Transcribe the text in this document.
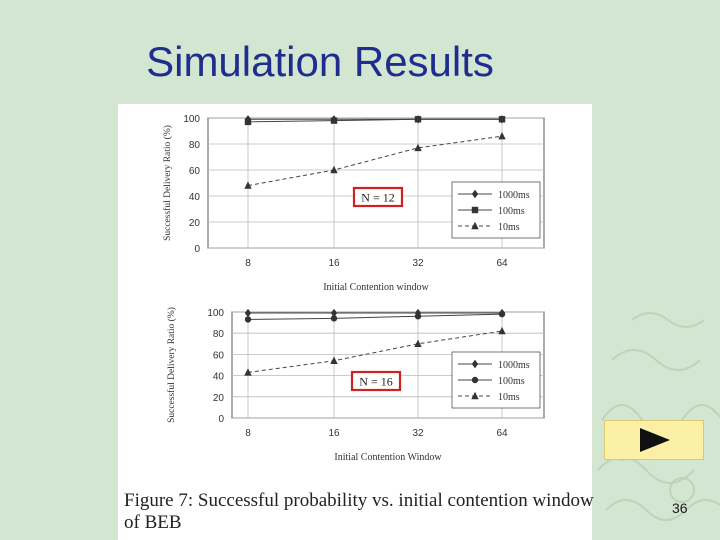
Simulation Results
0
20
40
60
80
100
8	16	32	64
Initial Contention window
Successful Delivery Ratio (%)	1000ms
100ms
10ms
N = 12
0
20
40
60
80
100
8	16	32	64
Initial Contention Window
Successful Delivery Ratio (%)	1000ms
100ms
10ms
N = 16
Figure 7: Successful probability vs. initial contention window of BEB
36
